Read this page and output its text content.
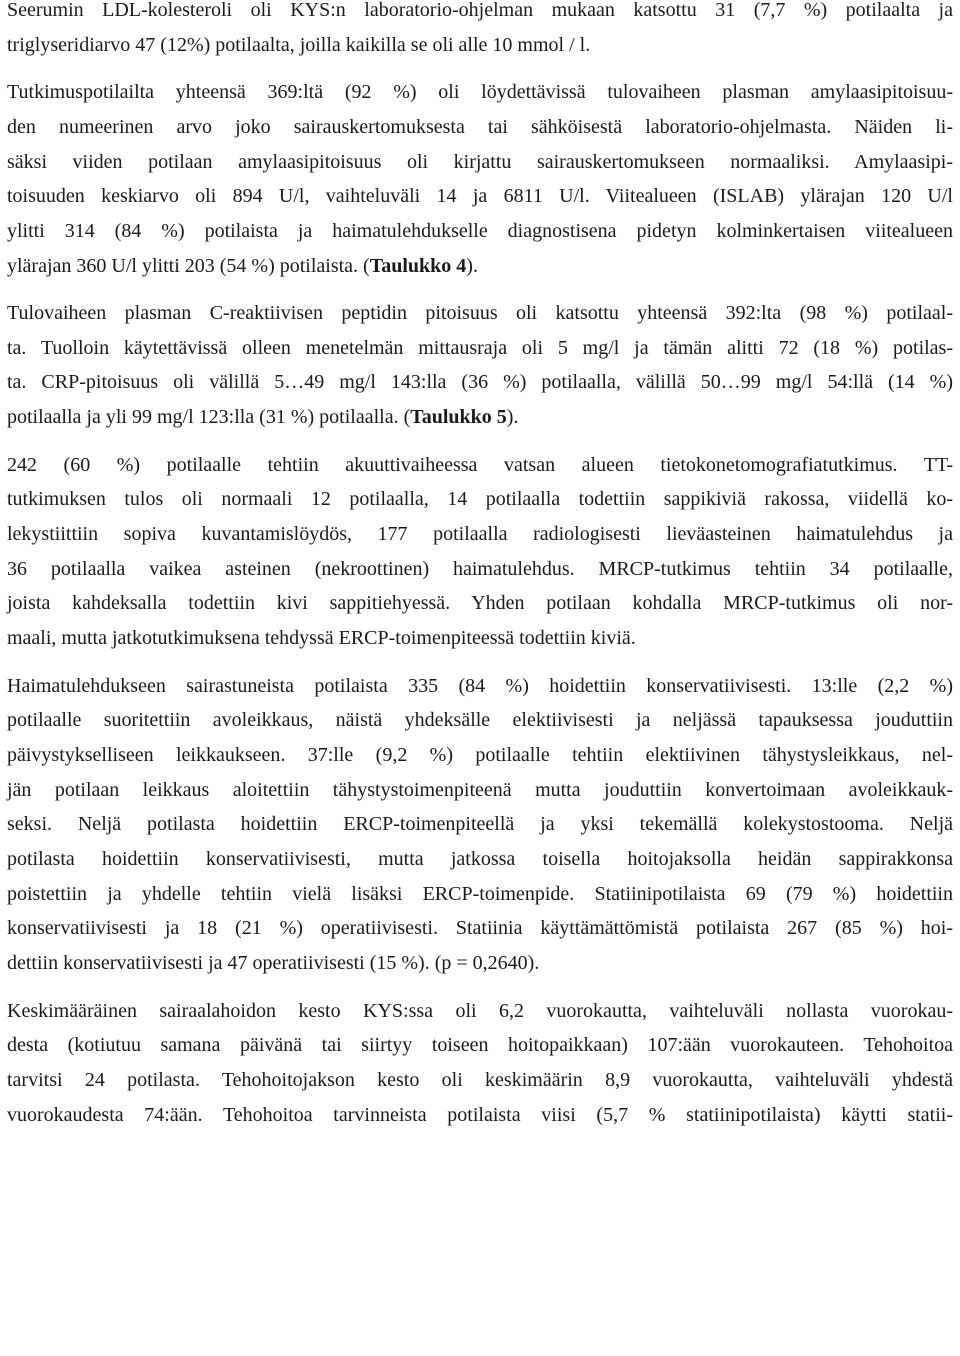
Seerumin LDL-kolesteroli oli KYS:n laboratorio-ohjelman mukaan katsottu 31 (7,7 %) potilaalta ja
triglyseridiarvo 47 (12%) potilaalta, joilla kaikilla se oli alle 10 mmol / l.
Tutkimuspotilailta yhteensä 369:ltä (92 %) oli löydettävissä tulovaiheen plasman amylaasipitoisuu-
den numeerinen arvo joko sairauskertomuksesta tai sähköisestä laboratorio-ohjelmasta. Näiden li-
säksi viiden potilaan amylaasipitoisuus oli kirjattu sairauskertomukseen normaaliksi. Amylaasipi-
toisuuden keskiarvo oli 894 U/l, vaihteluväli 14 ja 6811 U/l. Viitealueen (ISLAB) ylärajan 120 U/l
ylitti 314 (84 %) potilaista ja haimatulehdukselle diagnostisena pidetyn kolminkertaisen viitealueen
ylärajan 360 U/l ylitti 203 (54 %) potilaista. (Taulukko 4).
Tulovaiheen plasman C-reaktiivisen peptidin pitoisuus oli katsottu yhteensä 392:lta (98 %) potilaal-
ta. Tuolloin käytettävissä olleen menetelmän mittausraja oli 5 mg/l ja tämän alitti 72 (18 %) potilas-
ta. CRP-pitoisuus oli välillä 5…49 mg/l 143:lla (36 %) potilaalla, välillä 50…99 mg/l 54:llä (14 %)
potilaalla ja yli 99 mg/l 123:lla (31 %) potilaalla. (Taulukko 5).
242 (60 %) potilaalle tehtiin akuuttivaiheessa vatsan alueen tietokonetomografiatutkimus. TT-
tutkimuksen tulos oli normaali 12 potilaalla, 14 potilaalla todettiin sappikiviä rakossa, viidellä ko-
lekystiittiin sopiva kuvantamislöydös, 177 potilaalla radiologisesti lieväasteinen haimatulehdus ja
36 potilaalla vaikea asteinen (nekroottinen) haimatulehdus. MRCP-tutkimus tehtiin 34 potilaalle,
joista kahdeksalla todettiin kivi sappitiehyessä. Yhden potilaan kohdalla MRCP-tutkimus oli nor-
maali, mutta jatkotutkimuksena tehdyssä ERCP-toimenpiteessä todettiin kiviä.
Haimatulehdukseen sairastuneista potilaista 335 (84 %) hoidettiin konservatiivisesti. 13:lle (2,2 %)
potilaalle suoritettiin avoleikkaus, näistä yhdeksälle elektiivisesti ja neljässä tapauksessa jouduttiin
päivystykselliseen leikkaukseen. 37:lle (9,2 %) potilaalle tehtiin elektiivinen tähystysleikkaus, nel-
jän potilaan leikkaus aloitettiin tähystystoimenpiteenä mutta jouduttiin konvertoimaan avoleikkauk-
seksi. Neljä potilasta hoidettiin ERCP-toimenpiteellä ja yksi tekemällä kolekystostooma. Neljä
potilasta hoidettiin konservatiivisesti, mutta jatkossa toisella hoitojaksolla heidän sappirakkonsa
poistettiin ja yhdelle tehtiin vielä lisäksi ERCP-toimenpide. Statiinipotilaista 69 (79 %) hoidettiin
konservatiivisesti ja 18 (21 %) operatiivisesti. Statiinia käyttämättömistä potilaista 267 (85 %) hoi-
dettiin konservatiivisesti ja 47 operatiivisesti (15 %). (p = 0,2640).
Keskimääräinen sairaalahoidon kesto KYS:ssa oli 6,2 vuorokautta, vaihteluväli nollasta vuorokau-
desta (kotiutuu samana päivänä tai siirtyy toiseen hoitopaikkaan) 107:ään vuorokauteen. Tehohoitoa
tarvitsi 24 potilasta. Tehohoitojakson kesto oli keskimäärin 8,9 vuorokautta, vaihteluväli yhdestä
vuorokaudesta 74:ään. Tehohoitoa tarvinneista potilaista viisi (5,7 % statiinipotilaista) käytti statii-
